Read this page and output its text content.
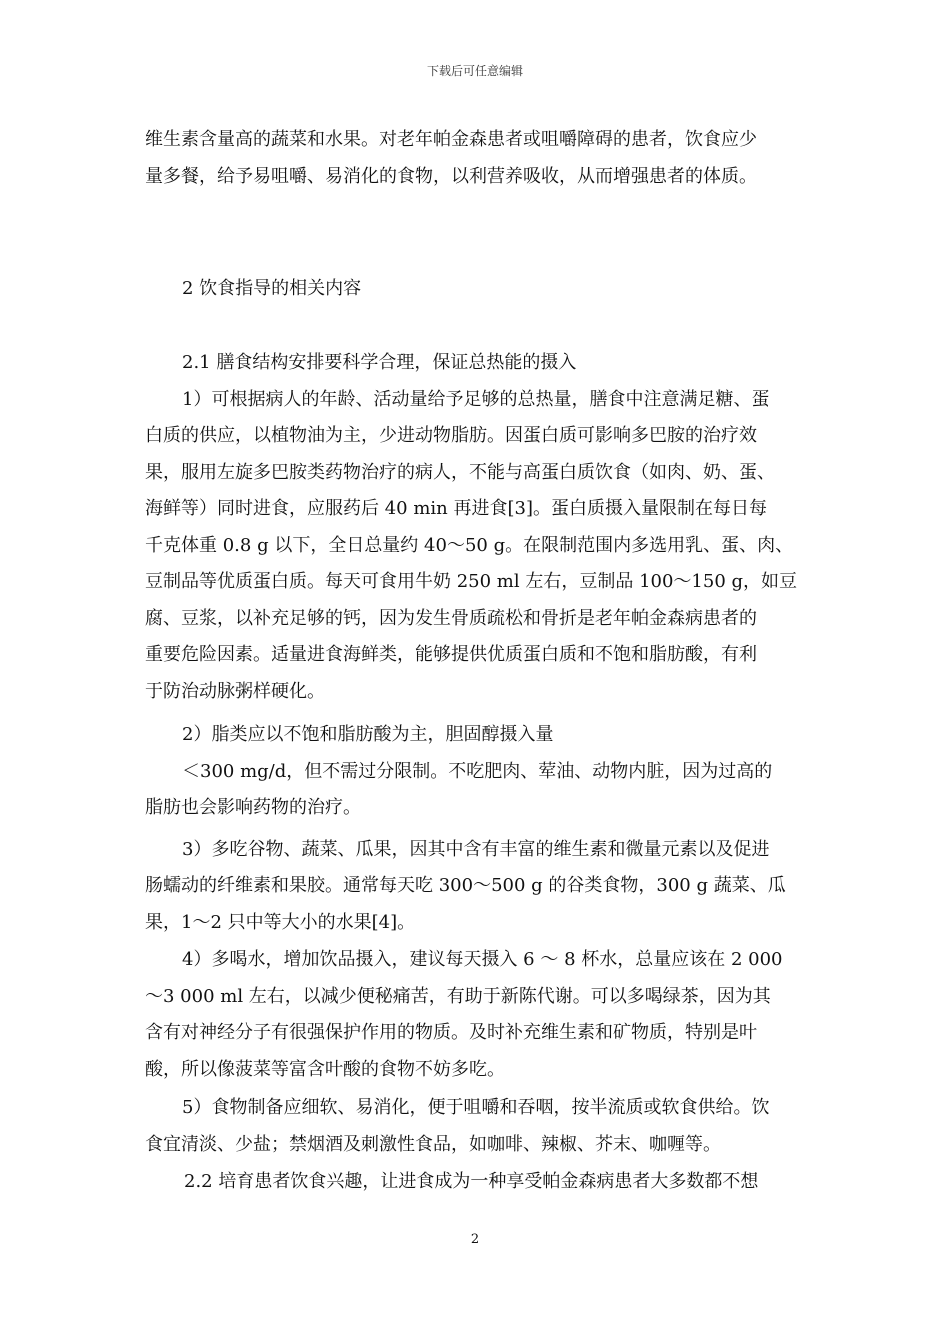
下载后可任意编辑
维生素含量高的蔬菜和水果。对老年帕金森患者或咀嚼障碍的患者，饮食应少
量多餐，给予易咀嚼、易消化的食物，以利营养吸收，从而增强患者的体质。
2 饮食指导的相关内容
2.1 膳食结构安排要科学合理，保证总热能的摄入
1）可根据病人的年龄、活动量给予足够的总热量，膳食中注意满足糖、蛋
白质的供应，以植物油为主，少进动物脂肪。因蛋白质可影响多巴胺的治疗效
果，服用左旋多巴胺类药物治疗的病人，不能与高蛋白质饮食（如肉、奶、蛋、
海鲜等）同时进食，应服药后 40 min 再进食[3]。蛋白质摄入量限制在每日每
千克体重 0.8 g 以下，全日总量约 40～50 g。在限制范围内多选用乳、蛋、肉、
豆制品等优质蛋白质。每天可食用牛奶 250 ml 左右，豆制品 100～150 g，如豆
腐、豆浆，以补充足够的钙，因为发生骨质疏松和骨折是老年帕金森病患者的
重要危险因素。适量进食海鲜类，能够提供优质蛋白质和不饱和脂肪酸，有利
于防治动脉粥样硬化。
2）脂类应以不饱和脂肪酸为主，胆固醇摄入量
＜300 mg/d，但不需过分限制。不吃肥肉、荤油、动物内脏，因为过高的
脂肪也会影响药物的治疗。
3）多吃谷物、蔬菜、瓜果，因其中含有丰富的维生素和微量元素以及促进
肠蠕动的纤维素和果胶。通常每天吃 300～500 g 的谷类食物，300 g 蔬菜、瓜
果，1～2 只中等大小的水果[4]。
4）多喝水，增加饮品摄入，建议每天摄入 6 ～ 8 杯水，总量应该在 2 000
～3 000 ml 左右，以减少便秘痛苦，有助于新陈代谢。可以多喝绿茶，因为其
含有对神经分子有很强保护作用的物质。及时补充维生素和矿物质，特别是叶
酸，所以像菠菜等富含叶酸的食物不妨多吃。
5）食物制备应细软、易消化，便于咀嚼和吞咽，按半流质或软食供给。饮
食宜清淡、少盐；禁烟酒及刺激性食品，如咖啡、辣椒、芥末、咖喱等。
2.2 培育患者饮食兴趣，让进食成为一种享受帕金森病患者大多数都不想
2
